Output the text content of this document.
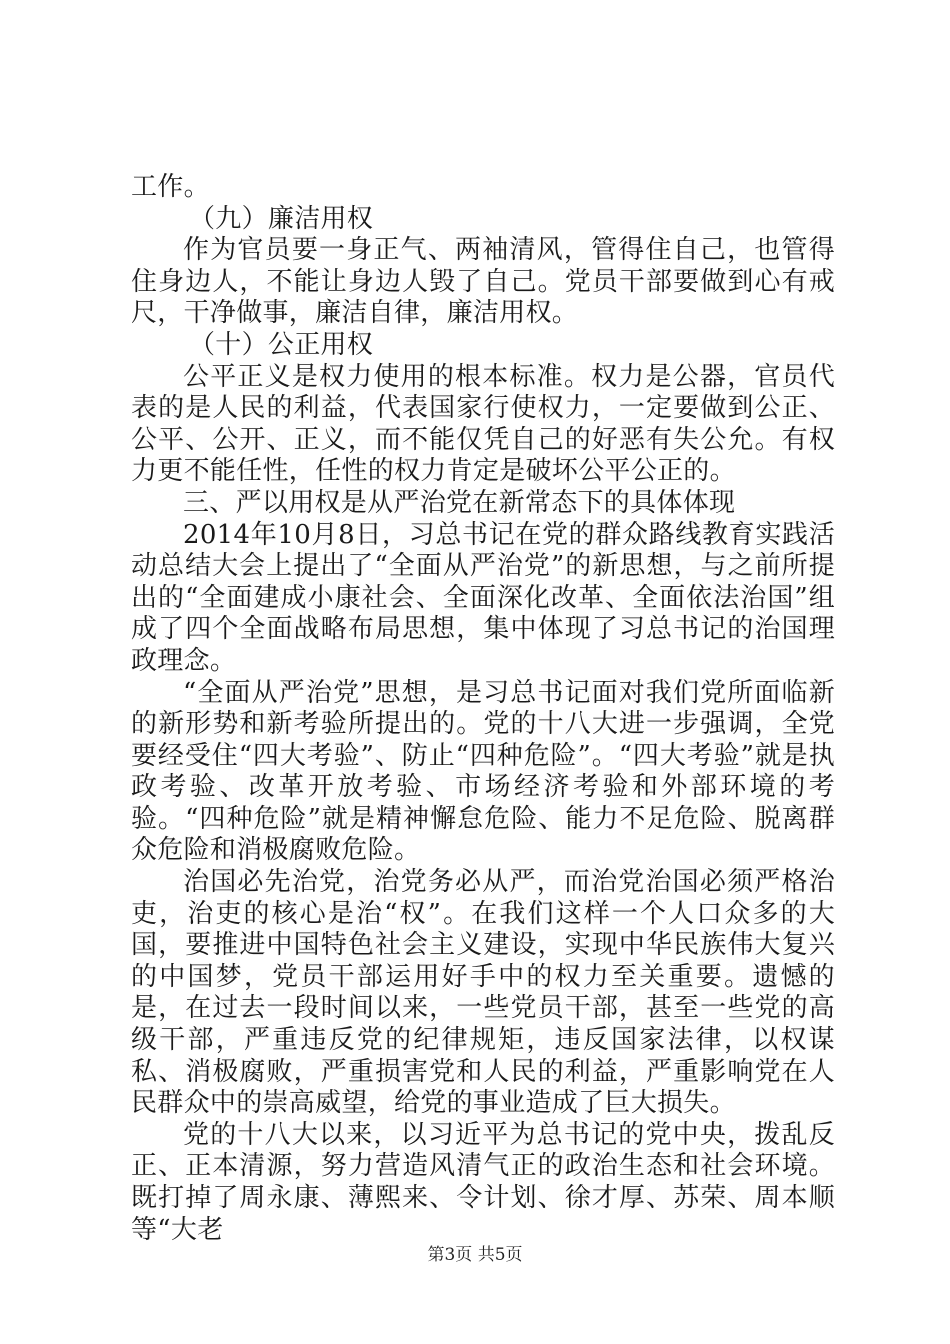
工作。

（九）廉洁用权

作为官员要一身正气、两袖清风，管得住自己，也管得住身边人，不能让身边人毁了自己。党员干部要做到心有戒尺，干净做事，廉洁自律，廉洁用权。

（十）公正用权

公平正义是权力使用的根本标准。权力是公器，官员代表的是人民的利益，代表国家行使权力，一定要做到公正、公平、公开、正义，而不能仅凭自己的好恶有失公允。有权力更不能任性，任性的权力肯定是破坏公平公正的。

三、严以用权是从严治党在新常态下的具体体现

2014年10月8日，习总书记在党的群众路线教育实践活动总结大会上提出了“全面从严治党”的新思想，与之前所提出的“全面建成小康社会、全面深化改革、全面依法治国”组成了四个全面战略布局思想，集中体现了习总书记的治国理政理念。

“全面从严治党”思想，是习总书记面对我们党所面临新的新形势和新考验所提出的。党的十八大进一步强调，全党要经受住“四大考验”、防止“四种危险”。“四大考验”就是执政考验、改革开放考验、市场经济考验和外部环境的考验。“四种危险”就是精神懈怠危险、能力不足危险、脱离群众危险和消极腐败危险。

治国必先治党，治党务必从严，而治党治国必须严格治吏，治吏的核心是治“权”。在我们这样一个人口众多的大国，要推进中国特色社会主义建设，实现中华民族伟大复兴的中国梦，党员干部运用好手中的权力至关重要。遗憾的是，在过去一段时间以来，一些党员干部，甚至一些党的高级干部，严重违反党的纪律规矩，违反国家法律，以权谋私、消极腐败，严重损害党和人民的利益，严重影响党在人民群众中的崇高威望，给党的事业造成了巨大损失。

党的十八大以来，以习近平为总书记的党中央，拨乱反正、正本清源，努力营造风清气正的政治生态和社会环境。既打掉了周永康、薄熙来、令计划、徐才厚、苏荣、周本顺等“大老

第3页 共5页
